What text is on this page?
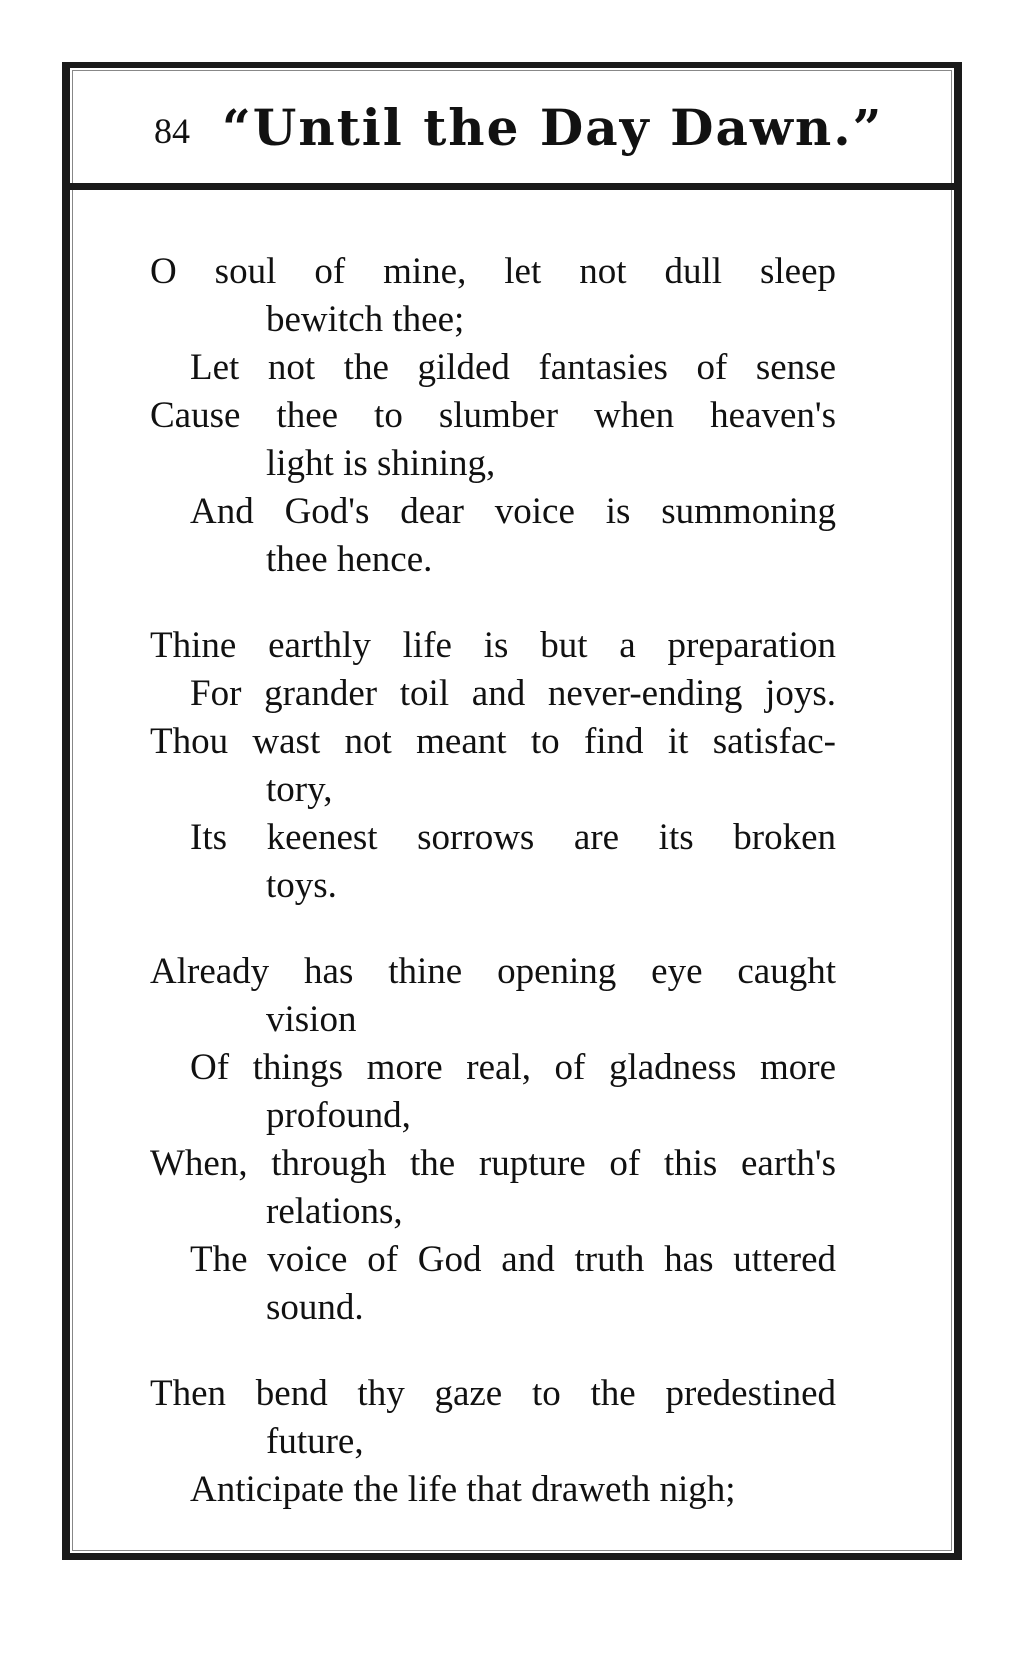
84 “Until the Day Dawn.”
O soul of mine, let not dull sleep
bewitch thee;
Let not the gilded fantasies of sense
Cause thee to slumber when heaven's
light is shining,
And God's dear voice is summoning
thee hence.
Thine earthly life is but a preparation
For grander toil and never-ending joys.
Thou wast not meant to find it satisfac-
tory,
Its keenest sorrows are its broken
toys.
Already has thine opening eye caught
vision
Of things more real, of gladness more
profound,
When, through the rupture of this earth's
relations,
The voice of God and truth has uttered
sound.
Then bend thy gaze to the predestined
future,
Anticipate the life that draweth nigh;
